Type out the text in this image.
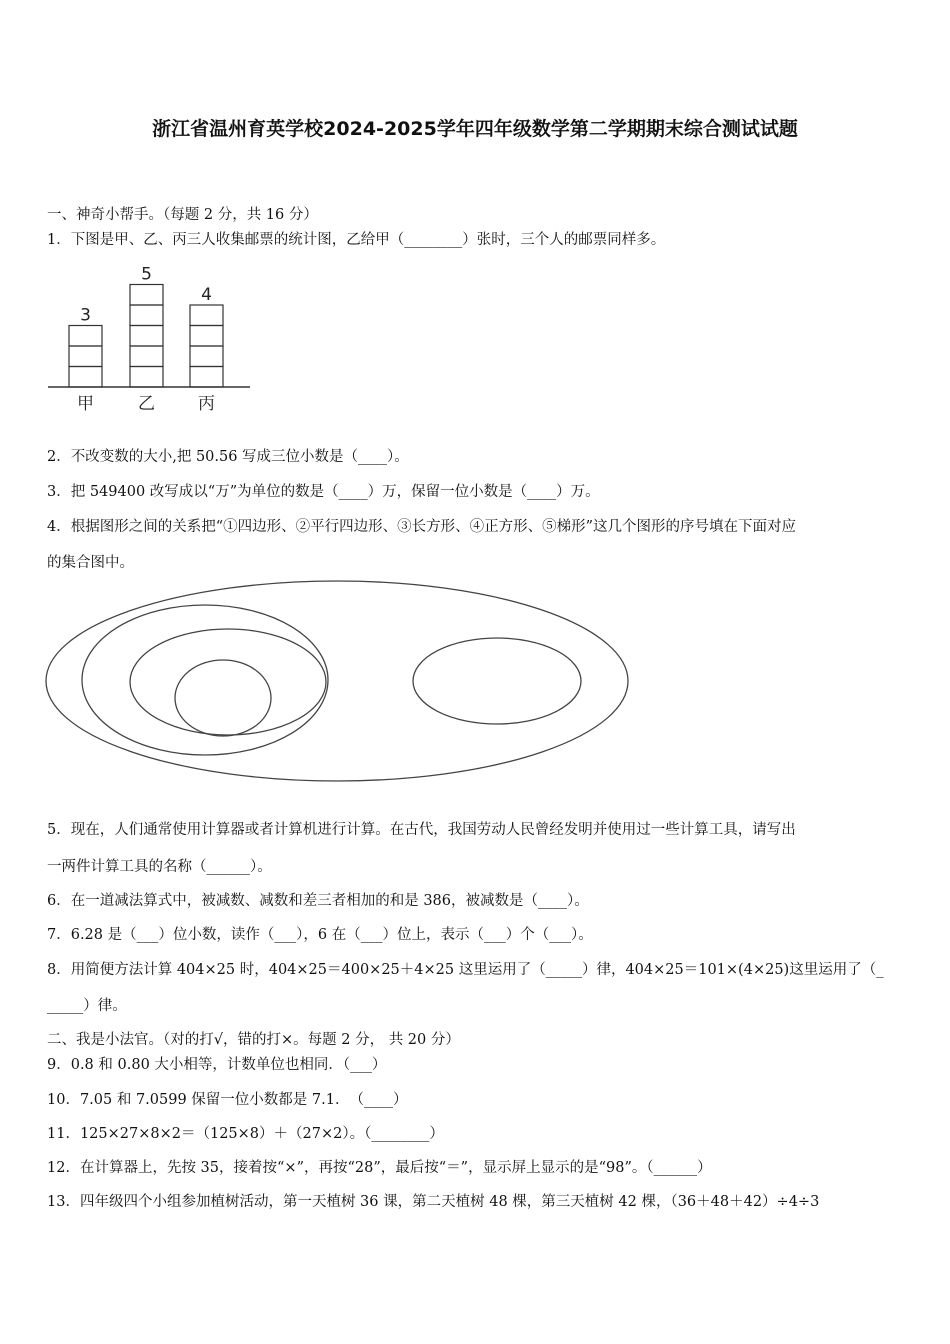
浙江省温州育英学校2024-2025学年四年级数学第二学期期末综合测试试题
一、神奇小帮手。（每题 2 分，共 16 分）
1．下图是甲、乙、丙三人收集邮票的统计图，乙给甲（________）张时，三个人的邮票同样多。
3
甲
5
乙
4
丙
2．不改变数的大小,把 50.56 写成三位小数是（____）。
3．把 549400 改写成以“万”为单位的数是（____）万，保留一位小数是（____）万。
4．根据图形之间的关系把“①四边形、②平行四边形、③长方形、④正方形、⑤梯形”这几个图形的序号填在下面对应
的集合图中。
5．现在，人们通常使用计算器或者计算机进行计算。在古代，我国劳动人民曾经发明并使用过一些计算工具，请写出
一两件计算工具的名称（______）。
6．在一道减法算式中，被减数、减数和差三者相加的和是 386，被减数是（____）。
7．6.28 是（___）位小数，读作（___），6 在（___）位上，表示（___）个（___）。
8．用简便方法计算 404×25 时，404×25＝400×25＋4×25 这里运用了（_____）律，404×25＝101×(4×25)这里运用了（_
_____）律。
二、我是小法官。（对的打√，错的打×。每题 2 分， 共 20 分）
9．0.8 和 0.80 大小相等，计数单位也相同．（___）
10．7.05 和 7.0599 保留一位小数都是 7.1．　（____）
11．125×27×8×2＝（125×8）＋（27×2）。（________）
12．在计算器上，先按 35，接着按“×”，再按“28”，最后按“＝”，显示屏上显示的是“98”。（______）
13．四年级四个小组参加植树活动，第一天植树 36 课，第二天植树 48 棵，第三天植树 42 棵，（36＋48＋42）÷4÷3
